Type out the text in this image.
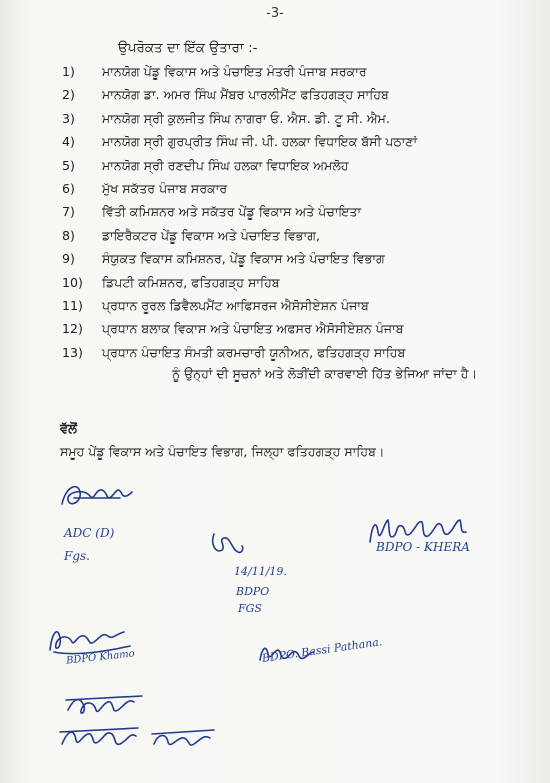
-3-
ਉਪਰੋਕਤ ਦਾ ਇੱਕ ਉਤਾਰਾ :-
1)	ਮਾਨਯੋਗ ਪੇਂਡੂ ਵਿਕਾਸ ਅਤੇ ਪੰਚਾਇਤ ਮੰਤਰੀ ਪੰਜਾਬ ਸਰਕਾਰ
2)	ਮਾਨਯੋਗ ਡਾ. ਅਮਰ ਸਿੰਘ ਮੈਂਬਰ ਪਾਰਲੀਮੈਂਟ ਫਤਿਹਗੜ੍ਹ ਸਾਹਿਬ
3)	ਮਾਨਯੋਗ ਸ੍ਰੀ ਕੁਲਜੀਤ ਸਿੰਘ ਨਾਗਰਾ ਓ. ਐਸ. ਡੀ. ਟੂ ਸੀ. ਐਮ.
4)	ਮਾਨਯੋਗ ਸ੍ਰੀ ਗੁਰਪ੍ਰੀਤ ਸਿੰਘ ਜੀ. ਪੀ. ਹਲਕਾ ਵਿਧਾਇਕ ਬੱਸੀ ਪਠਾਣਾਂ
5)	ਮਾਨਯੋਗ ਸ੍ਰੀ ਰਣਦੀਪ ਸਿੰਘ ਹਲਕਾ ਵਿਧਾਇਕ ਅਮਲੋਹ
6)	ਮੁੱਖ ਸਕੱਤਰ ਪੰਜਾਬ ਸਰਕਾਰ
7)	ਵਿੱਤੀ ਕਮਿਸ਼ਨਰ ਅਤੇ ਸਕੱਤਰ ਪੇਂਡੂ ਵਿਕਾਸ ਅਤੇ ਪੰਚਾਇਤਾ
8)	ਡਾਇਰੈਕਟਰ ਪੇਂਡੂ ਵਿਕਾਸ ਅਤੇ ਪੰਚਾਇਤ ਵਿਭਾਗ,
9)	ਸੰਯੁਕਤ ਵਿਕਾਸ ਕਮਿਸ਼ਨਰ, ਪੇਂਡੂ ਵਿਕਾਸ ਅਤੇ ਪੰਚਾਇਤ ਵਿਭਾਗ
10)	ਡਿਪਟੀ ਕਮਿਸ਼ਨਰ, ਫਤਿਹਗੜ੍ਹ ਸਾਹਿਬ
11)	ਪ੍ਰਧਾਨ ਰੂਰਲ ਡਿਵੈਲਪਮੈਂਟ ਆਫਿਸਰਜ ਐਸੋਸੀਏਸ਼ਨ ਪੰਜਾਬ
12)	ਪ੍ਰਧਾਨ ਬਲਾਕ ਵਿਕਾਸ ਅਤੇ ਪੰਚਾਇਤ ਅਫਸਰ ਐਸੋਸੀਏਸ਼ਨ ਪੰਜਾਬ
13)	ਪ੍ਰਧਾਨ ਪੰਚਾਇਤ ਸੰਮਤੀ ਕਰਮਚਾਰੀ ਯੂਨੀਅਨ, ਫਤਿਹਗੜ੍ਹ ਸਾਹਿਬ
ਨੂੰ ਉਨ੍ਹਾਂ ਦੀ ਸੂਚਨਾਂ ਅਤੇ ਲੋੜੀਂਦੀ ਕਾਰਵਾਈ ਹਿੱਤ ਭੇਜਿਆ ਜਾਂਦਾ ਹੈ।
ਵੱਲੋਂ
ਸਮੂਹ ਪੇਂਡੂ ਵਿਕਾਸ ਅਤੇ ਪੰਚਾਇਤ ਵਿਭਾਗ, ਜਿਲ੍ਹਾ ਫਤਿਹਗੜ੍ਹ ਸਾਹਿਬ।
ADC (D)
Fgs.
14/11/19.
BDPO
FGS
BDPO - KHERA
BDPO Khamo	BDPO. Bassi Pathana.
